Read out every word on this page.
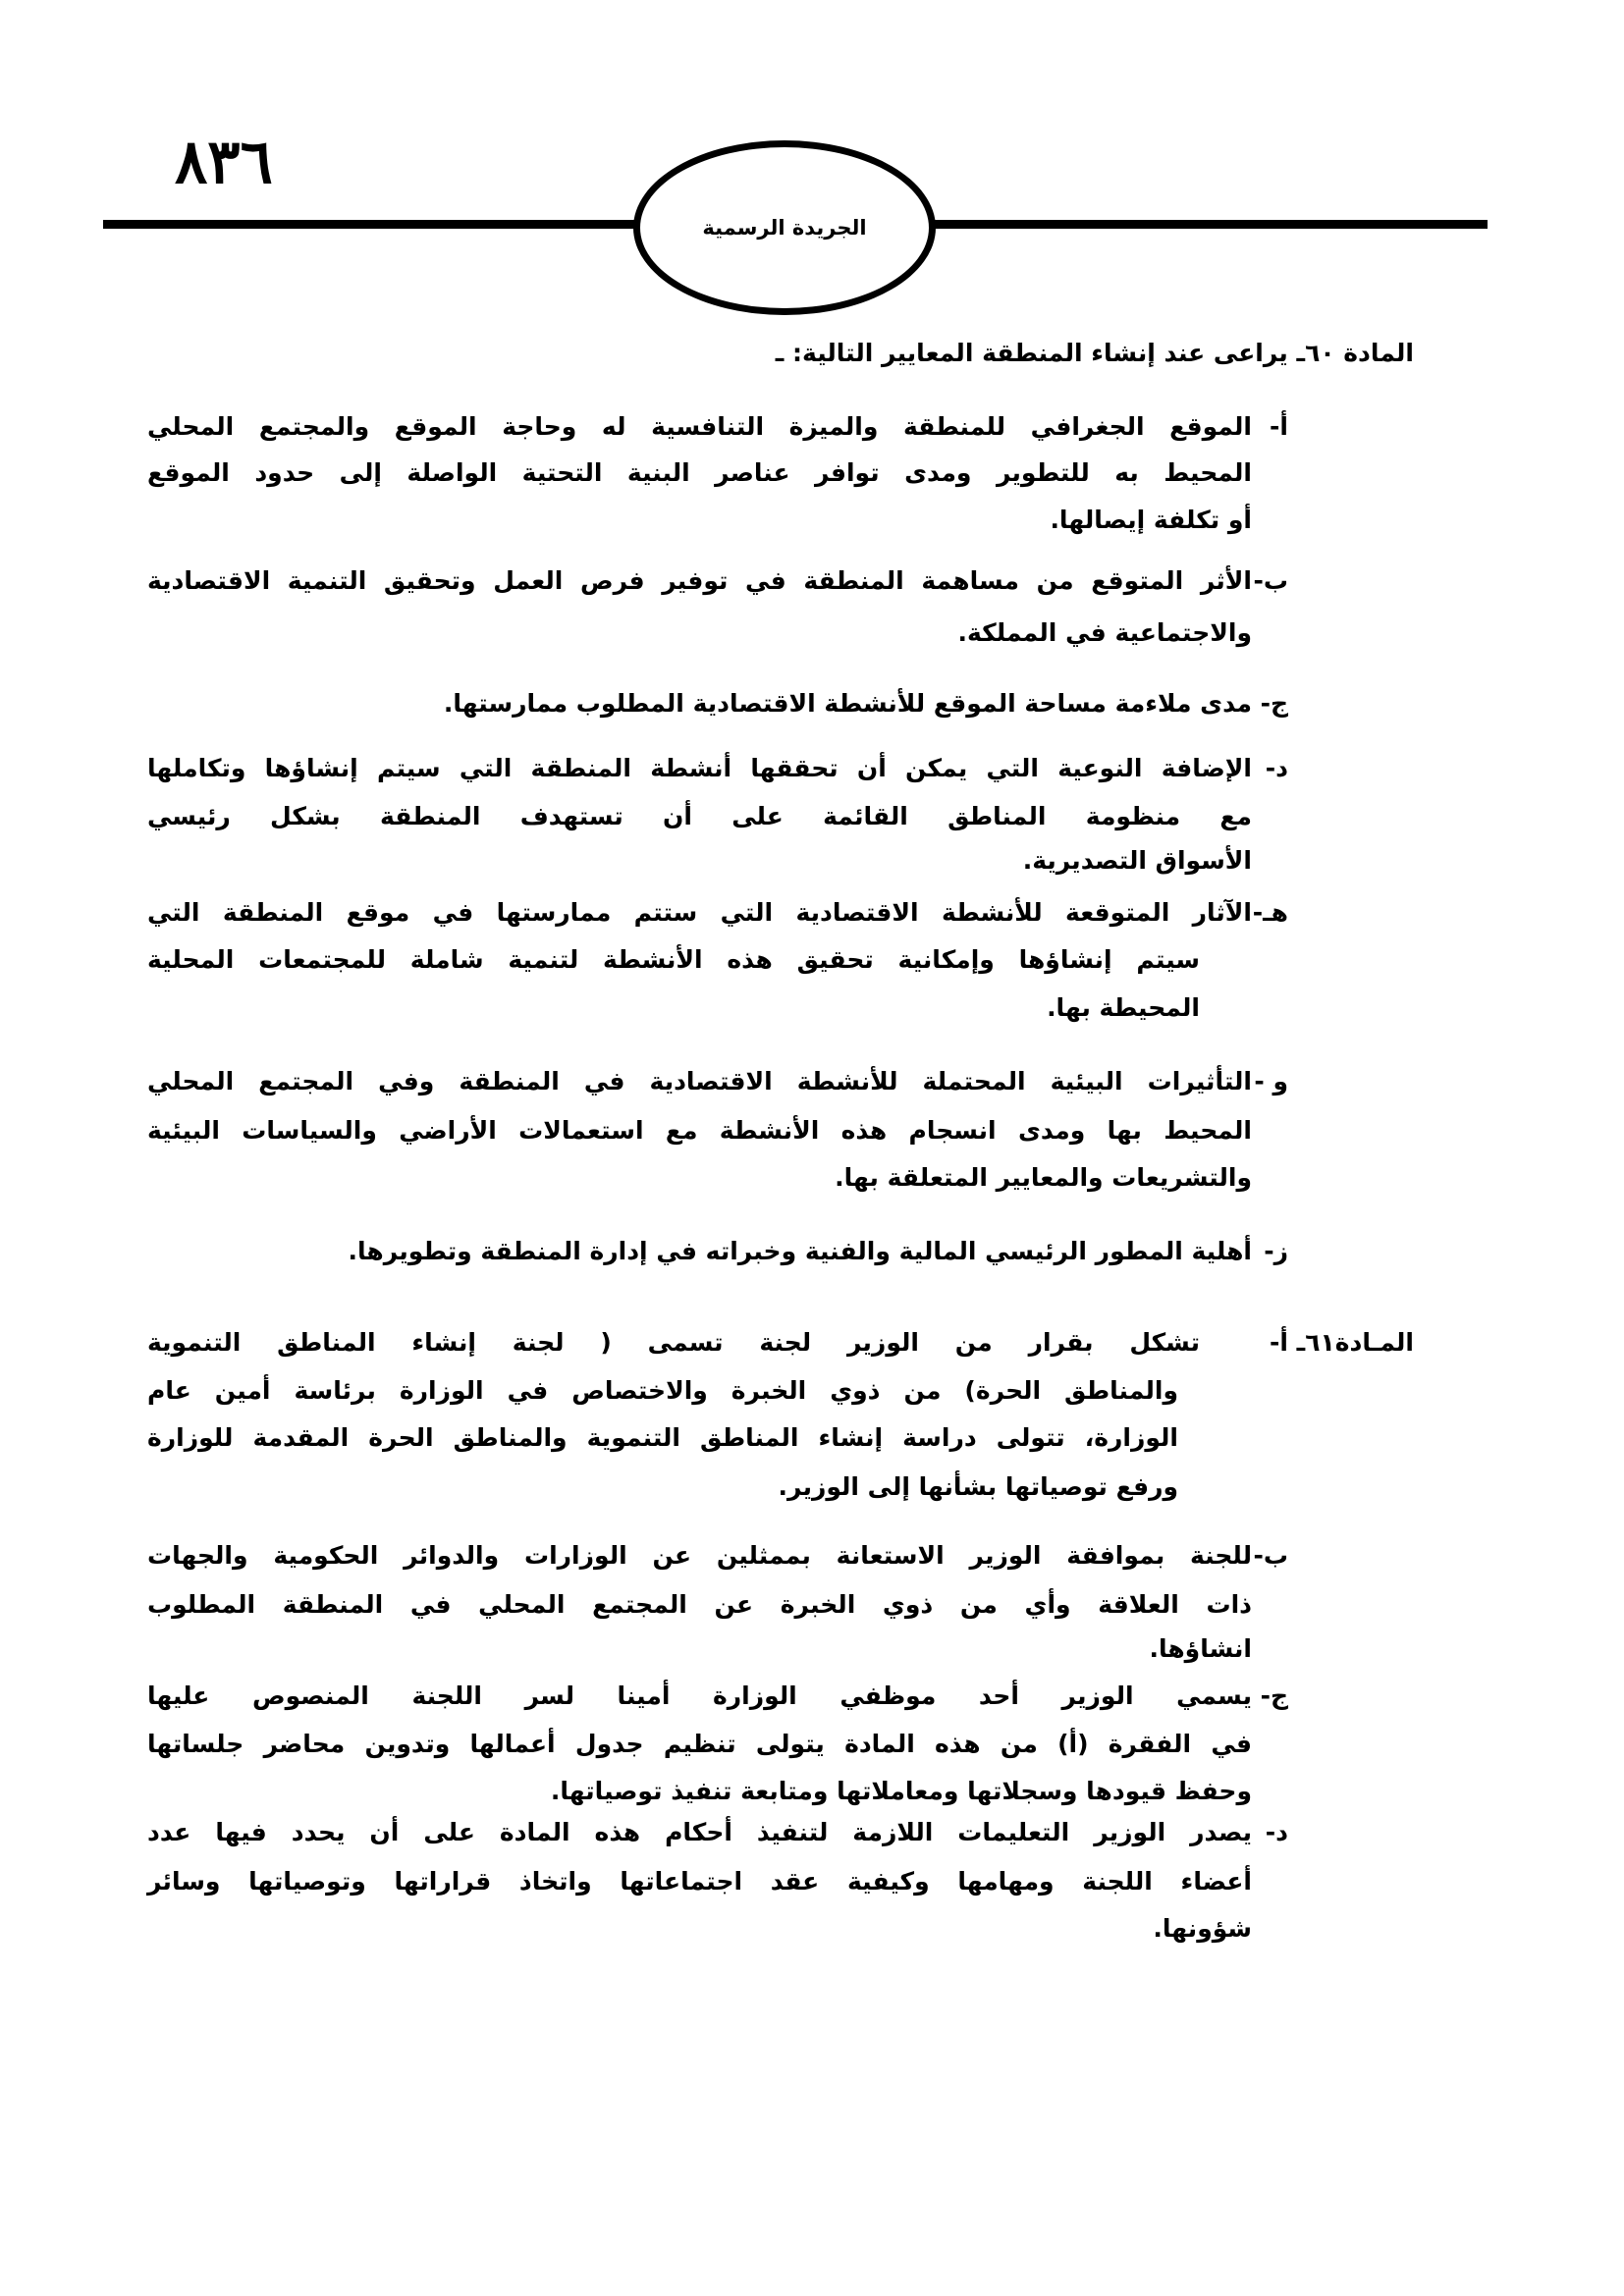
٨٣٦
الجريدة الرسمية
المادة ٦٠ـ يراعى عند إنشاء المنطقة المعايير التالية: ـ
أ-
الموقع الجغرافي للمنطقة والميزة التنافسية له وحاجة الموقع والمجتمع المحلي
المحيط به للتطوير ومدى توافر عناصر البنية التحتية الواصلة إلى حدود الموقع
أو تكلفة إيصالها.
ب-
الأثر المتوقع من مساهمة المنطقة في توفير فرص العمل وتحقيق التنمية الاقتصادية
والاجتماعية في المملكة.
ج-
مدى ملاءمة مساحة الموقع للأنشطة الاقتصادية المطلوب ممارستها.
د-
الإضافة النوعية التي يمكن أن تحققها أنشطة المنطقة التي سيتم إنشاؤها وتكاملها
مع منظومة المناطق القائمة على أن تستهدف المنطقة بشكل رئيسي
الأسواق التصديرية.
هـ-
الآثار المتوقعة للأنشطة الاقتصادية التي ستتم ممارستها في موقع المنطقة التي
سيتم إنشاؤها وإمكانية تحقيق هذه الأنشطة لتنمية شاملة للمجتمعات المحلية
المحيطة بها.
و -
التأثيرات البيئية المحتملة للأنشطة الاقتصادية في المنطقة وفي المجتمع المحلي
المحيط بها ومدى انسجام هذه الأنشطة مع استعمالات الأراضي والسياسات البيئية
والتشريعات والمعايير المتعلقة بها.
ز-
أهلية المطور الرئيسي المالية والفنية وخبراته في إدارة المنطقة وتطويرها.
المـادة٦١ـ أ-
تشكل بقرار من الوزير لجنة تسمى ( لجنة إنشاء المناطق التنموية
والمناطق الحرة) من ذوي الخبرة والاختصاص في الوزارة برئاسة أمين عام
الوزارة، تتولى دراسة إنشاء المناطق التنموية والمناطق الحرة المقدمة للوزارة
ورفع توصياتها بشأنها إلى الوزير.
ب-
للجنة بموافقة الوزير الاستعانة بممثلين عن الوزارات والدوائر الحكومية والجهات
ذات العلاقة وأي من ذوي الخبرة عن المجتمع المحلي في المنطقة المطلوب
انشاؤها.
ج-
يسمي الوزير أحد موظفي الوزارة أمينا لسر اللجنة المنصوص عليها
في الفقرة (أ) من هذه المادة يتولى تنظيم جدول أعمالها وتدوين محاضر جلساتها
وحفظ قيودها وسجلاتها ومعاملاتها ومتابعة تنفيذ توصياتها.
د-
يصدر الوزير التعليمات اللازمة لتنفيذ أحكام هذه المادة على أن يحدد فيها عدد
أعضاء اللجنة ومهامها وكيفية عقد اجتماعاتها واتخاذ قراراتها وتوصياتها وسائر
شؤونها.
